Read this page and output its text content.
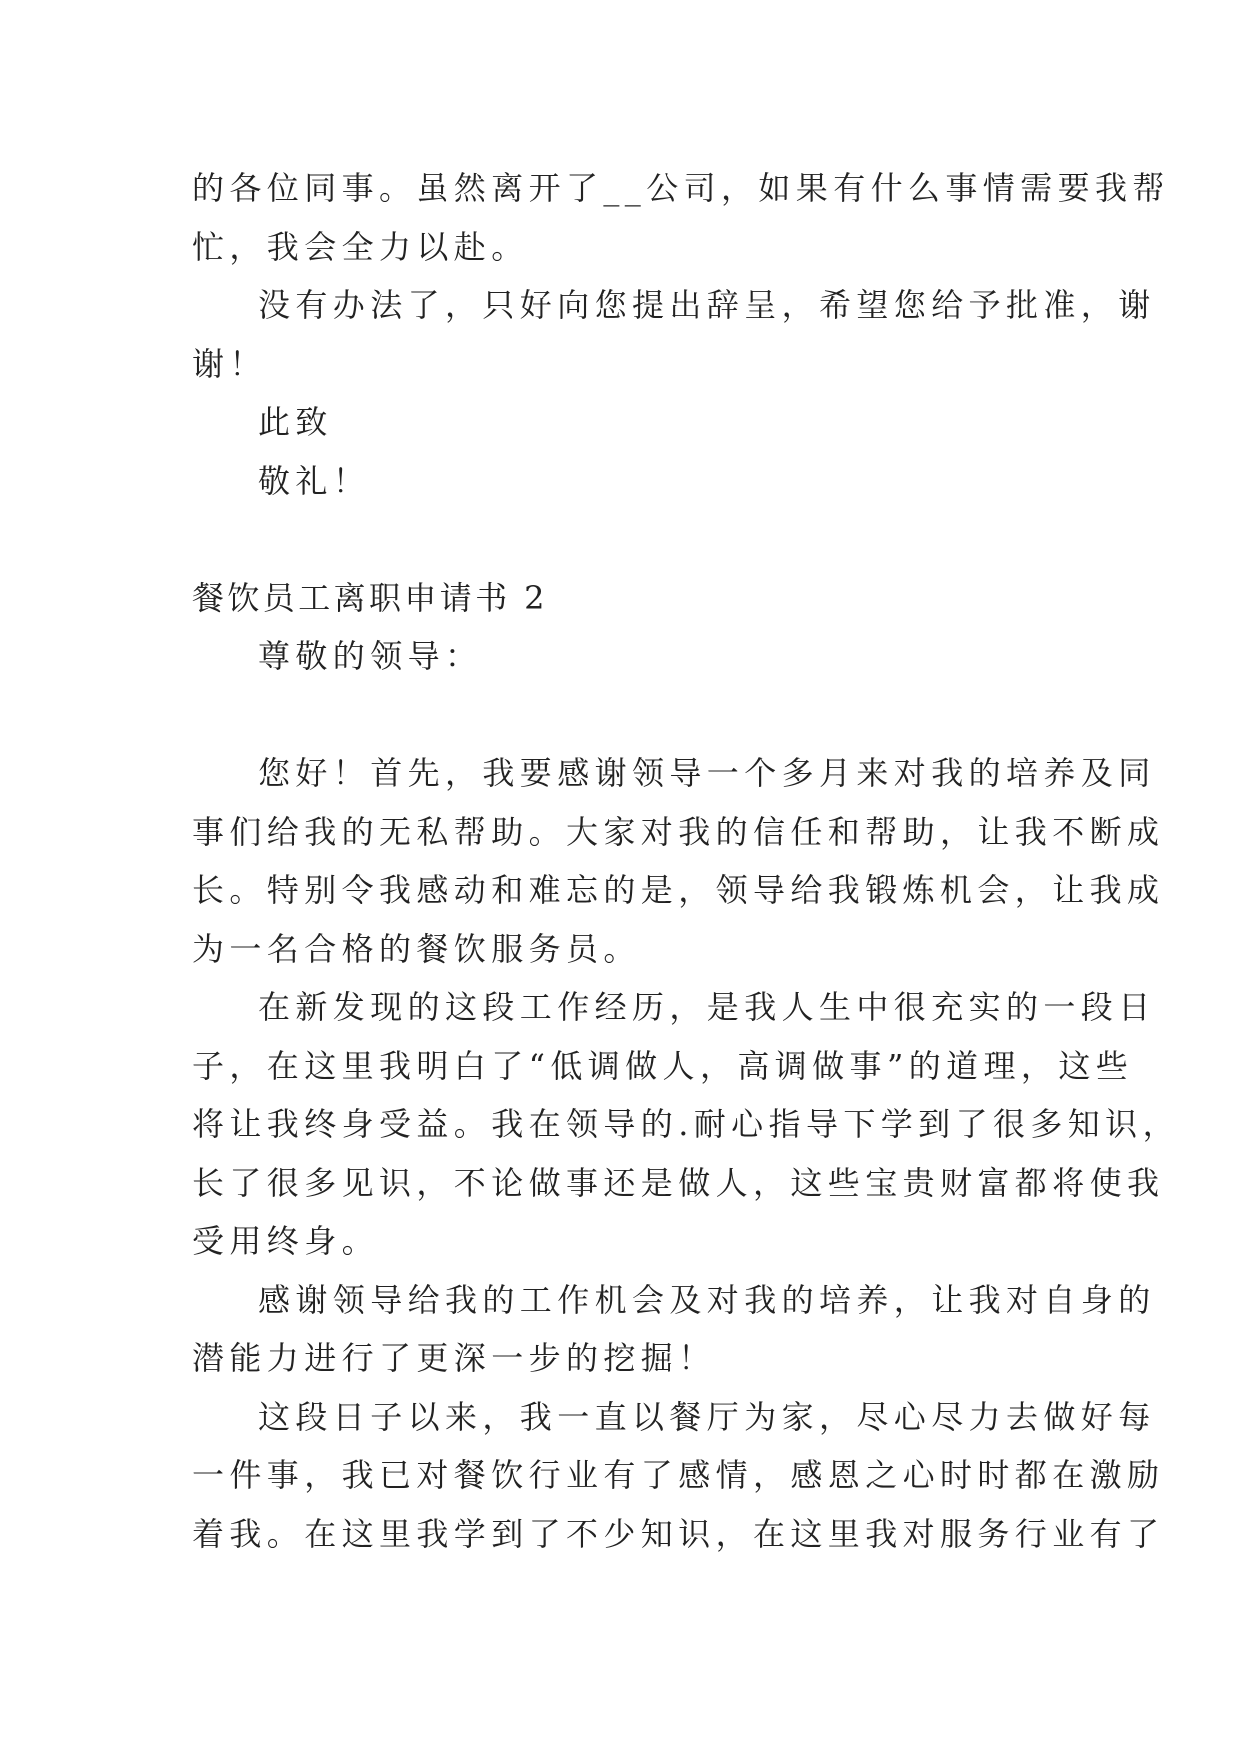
的各位同事。虽然离开了__公司，如果有什么事情需要我帮
忙，我会全力以赴。
没有办法了，只好向您提出辞呈，希望您给予批准，谢
谢！
此致
敬礼！
餐饮员工离职申请书 2
尊敬的领导：
您好！首先，我要感谢领导一个多月来对我的培养及同
事们给我的无私帮助。大家对我的信任和帮助，让我不断成
长。特别令我感动和难忘的是，领导给我锻炼机会，让我成
为一名合格的餐饮服务员。
在新发现的这段工作经历，是我人生中很充实的一段日
子，在这里我明白了“低调做人，高调做事”的道理，这些
将让我终身受益。我在领导的.耐心指导下学到了很多知识，
长了很多见识，不论做事还是做人，这些宝贵财富都将使我
受用终身。
感谢领导给我的工作机会及对我的培养，让我对自身的
潜能力进行了更深一步的挖掘！
这段日子以来，我一直以餐厅为家，尽心尽力去做好每
一件事，我已对餐饮行业有了感情，感恩之心时时都在激励
着我。在这里我学到了不少知识，在这里我对服务行业有了
